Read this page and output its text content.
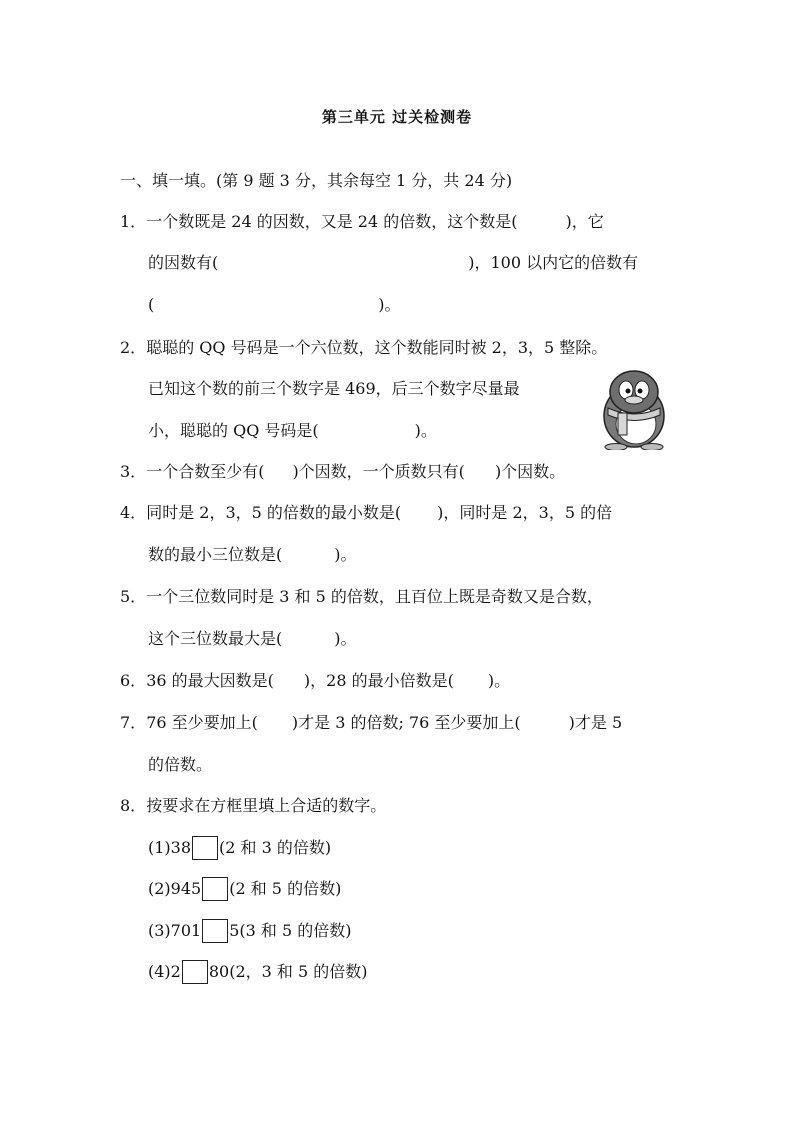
第三单元 过关检测卷
一、填一填。(第 9 题 3 分，其余每空 1 分，共 24 分)
1．一个数既是 24 的因数，又是 24 的倍数，这个数是(	)，它
的因数有(	)，100 以内它的倍数有
(	)。
2．聪聪的 QQ 号码是一个六位数，这个数能同时被 2，3，5 整除。
已知这个数的前三个数字是 469，后三个数字尽量最
小，聪聪的 QQ 号码是(	)。
3．一个合数至少有( )个因数，一个质数只有( )个因数。
4．同时是 2，3，5 的倍数的最小数是( )，同时是 2，3，5 的倍
数的最小三位数是(	)。
5．一个三位数同时是 3 和 5 的倍数，且百位上既是奇数又是合数，
这个三位数最大是(	)。
6．36 的最大因数是( )，28 的最小倍数是( )。
7．76 至少要加上( )才是 3 的倍数; 76 至少要加上(	)才是 5
的倍数。
8．按要求在方框里填上合适的数字。
(1)38 (2 和 3 的倍数)
(2)945 (2 和 5 的倍数)
(3)701 5(3 和 5 的倍数)
(4)2 80(2，3 和 5 的倍数)
